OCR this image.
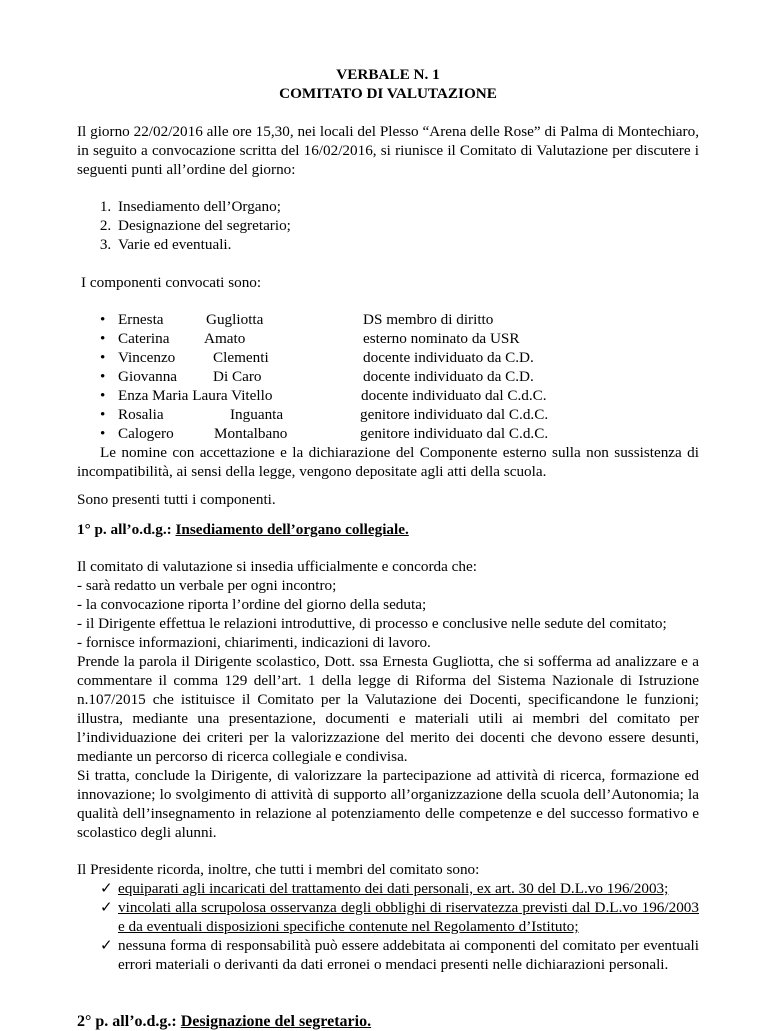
VERBALE N. 1
COMITATO DI VALUTAZIONE

Il giorno 22/02/2016 alle ore 15,30, nei locali del Plesso “Arena delle Rose” di Palma di Montechiaro, in seguito a convocazione scritta del 16/02/2016, si riunisce il Comitato di Valutazione per discutere i seguenti punti all’ordine del giorno:

1. Insediamento dell’Organo;
2. Designazione del segretario;
3. Varie ed eventuali.

I componenti convocati sono:

• Ernesta	Gugliotta	DS membro di diritto
• Caterina Amato	esterno nominato da USR
• Vincenzo Clementi	docente individuato da C.D.
• Giovanna Di Caro	docente individuato da C.D.
• Enza Maria Laura Vitello	docente individuato dal C.d.C.
• Rosalia	Inguanta	genitore individuato dal C.d.C.
• Calogero	Montalbano	genitore individuato dal C.d.C.

Le nomine con accettazione e la dichiarazione del Componente esterno sulla non sussistenza di incompatibilità, ai sensi della legge, vengono depositate agli atti della scuola.

Sono presenti tutti i componenti.

1° p. all’o.d.g.: Insediamento dell’organo collegiale.

Il comitato di valutazione si insedia ufficialmente e concorda che:

- sarà redatto un verbale per ogni incontro;

- la convocazione riporta l’ordine del giorno della seduta;

- il Dirigente effettua le relazioni introduttive, di processo e conclusive nelle sedute del comitato;

- fornisce informazioni, chiarimenti, indicazioni di lavoro.

Prende la parola il Dirigente scolastico, Dott. ssa Ernesta Gugliotta, che si sofferma ad analizzare e a commentare il comma 129 dell’art. 1 della legge di Riforma del Sistema Nazionale di Istruzione n.107/2015 che istituisce il Comitato per la Valutazione dei Docenti, specificandone le funzioni; illustra, mediante una presentazione, documenti e materiali utili ai membri del comitato per l’individuazione dei criteri per la valorizzazione del merito dei docenti che devono essere desunti, mediante un percorso di ricerca collegiale e condivisa.

Si tratta, conclude la Dirigente, di valorizzare la partecipazione ad attività di ricerca, formazione ed innovazione; lo svolgimento di attività di supporto all’organizzazione della scuola dell’Autonomia; la qualità dell’insegnamento in relazione al potenziamento delle competenze e del successo formativo e scolastico degli alunni.

Il Presidente ricorda, inoltre, che tutti i membri del comitato sono:

✓ equiparati agli incaricati del trattamento dei dati personali, ex art. 30 del D.L.vo 196/2003;
✓ vincolati alla scrupolosa osservanza degli obblighi di riservatezza previsti dal D.L.vo 196/2003 e da eventuali disposizioni specifiche contenute nel Regolamento d’Istituto;
✓ nessuna forma di responsabilità può essere addebitata ai componenti del comitato per eventuali errori materiali o derivanti da dati erronei o mendaci presenti nelle dichiarazioni personali.

2° p. all’o.d.g.: Designazione del segretario.
